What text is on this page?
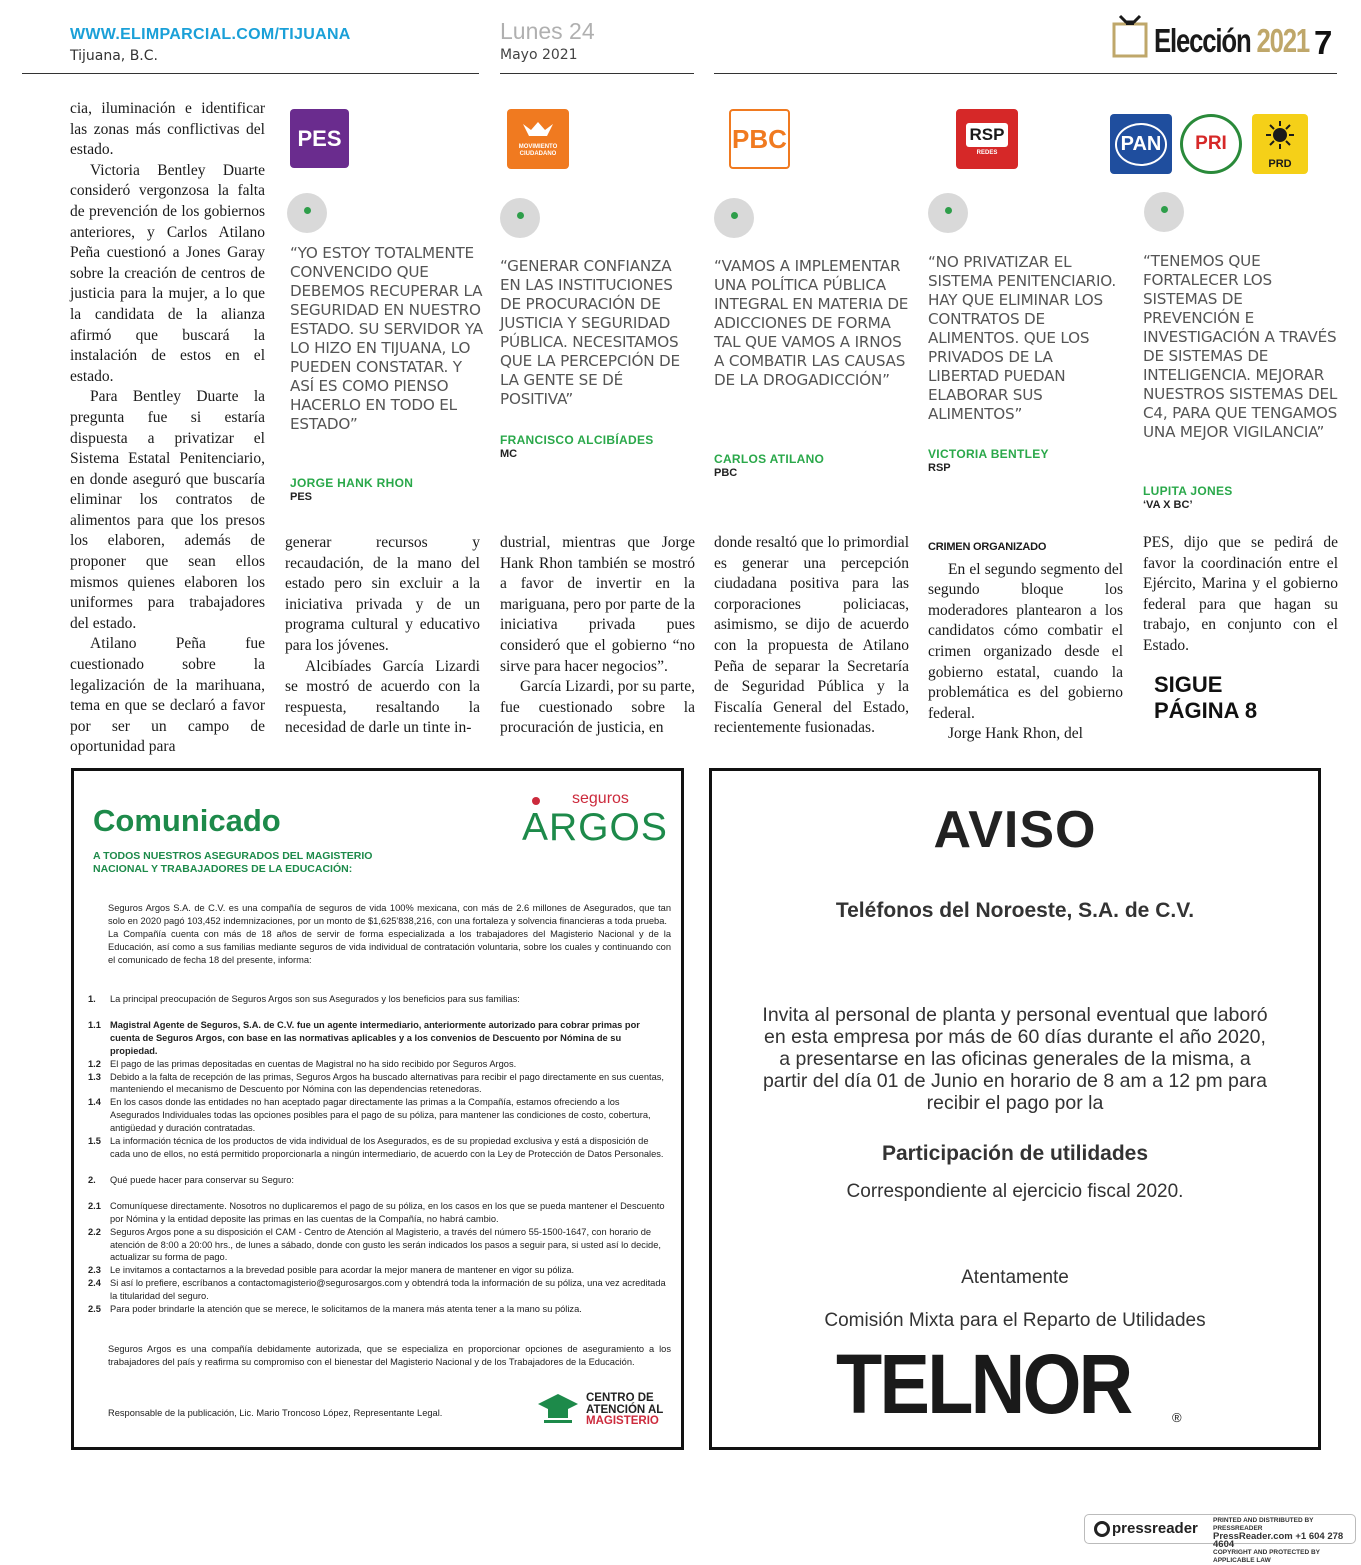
WWW.ELIMPARCIAL.COM/TIJUANA
Tijuana, B.C.
Lunes 24
Mayo 2021	Elección 2021 7

cia, iluminación e identificar las zonas más conflictivas del estado.

Victoria Bentley Duarte consideró vergonzosa la falta de prevención de los gobiernos anteriores, y Carlos Atilano Peña cuestionó a Jones Garay sobre la creación de centros de justicia para la mujer, a lo que la candidata de la alianza afirmó que buscará la instalación de estos en el estado.

Para Bentley Duarte la pregunta fue si estaría dispuesta a privatizar el Sistema Estatal Penitenciario, en donde aseguró que buscaría eliminar los contratos de alimentos para que los presos los elaboren, además de proponer que sean ellos mismos quienes elaboren los uniformes para trabajadores del estado.

Atilano Peña fue cuestionado sobre la legalización de la marihuana, tema en que se declaró a favor por ser un campo de oportunidad para

PES
“YO ESTOY TOTALMENTE CONVENCIDO QUE DEBEMOS RECUPERAR LA SEGURIDAD EN NUESTRO ESTADO. SU SERVIDOR YA LO HIZO EN TIJUANA, LO PUEDEN CONSTATAR. Y ASÍ ES COMO PIENSO HACERLO EN TODO EL ESTADO”
JORGE HANK RHON
PES
MOVIMIENTO CIUDADANO
“GENERAR CONFIANZA EN LAS INSTITUCIONES DE PROCURACIÓN DE JUSTICIA Y SEGURIDAD PÚBLICA. NECESITAMOS QUE LA PERCEPCIÓN DE LA GENTE SE DÉ POSITIVA”
FRANCISCO ALCIBÍADES
MC
PBC
“VAMOS A IMPLEMENTAR UNA POLÍTICA PÚBLICA INTEGRAL EN MATERIA DE ADICCIONES DE FORMA TAL QUE VAMOS A IRNOS A COMBATIR LAS CAUSAS DE LA DROGADICCIÓN”
CARLOS ATILANO
PBC
RSP
REDES
“NO PRIVATIZAR EL SISTEMA PENITENCIARIO. HAY QUE ELIMINAR LOS CONTRATOS DE ALIMENTOS. QUE LOS PRIVADOS DE LA LIBERTAD PUEDAN ELABORAR SUS ALIMENTOS”
VICTORIA BENTLEY
RSP
PAN	PRI
PRD
“TENEMOS QUE FORTALECER LOS SISTEMAS DE PREVENCIÓN E INVESTIGACIÓN A TRAVÉS DE SISTEMAS DE INTELIGENCIA. MEJORAR NUESTROS SISTEMAS DEL C4, PARA QUE TENGAMOS UNA MEJOR VIGILANCIA”
LUPITA JONES
‘VA X BC’

generar recursos y recaudación, de la mano del estado pero sin excluir a la iniciativa privada y de un programa cultural y educativo para los jóvenes.

Alcibíades García Lizardi se mostró de acuerdo con la respuesta, resaltando la necesidad de darle un tinte in-

dustrial, mientras que Jorge Hank Rhon también se mostró a favor de invertir en la mariguana, pero por parte de la iniciativa privada pues consideró que el gobierno “no sirve para hacer negocios”.

García Lizardi, por su parte, fue cuestionado sobre la procuración de justicia, en

donde resaltó que lo primordial es generar una percepción ciudadana positiva para las corporaciones policiacas, asimismo, se dijo de acuerdo con la propuesta de Atilano Peña de separar la Secretaría de Seguridad Pública y la Fiscalía General del Estado, recientemente fusionadas.

CRIMEN ORGANIZADO

En el segundo segmento del segundo bloque los moderadores plantearon a los candidatos cómo combatir el crimen organizado desde el gobierno estatal, cuando la problemática es del gobierno federal.

Jorge Hank Rhon, del

PES, dijo que se pedirá de favor la coordinación entre el Ejército, Marina y el gobierno federal para que hagan su trabajo, en conjunto con el Estado.

SIGUE PÁGINA 8
Comunicado
A TODOS NUESTROS ASEGURADOS DEL MAGISTERIO NACIONAL Y TRABAJADORES DE LA EDUCACIÓN:
seguros
ARGOS
Seguros Argos S.A. de C.V. es una compañía de seguros de vida 100% mexicana, con más de 2.6 millones de Asegurados, que tan solo en 2020 pagó 103,452 indemnizaciones, por un monto de $1,625'838,216, con una fortaleza y solvencia financieras a toda prueba.
La Compañía cuenta con más de 18 años de servir de forma especializada a los trabajadores del Magisterio Nacional y de la Educación, así como a sus familias mediante seguros de vida individual de contratación voluntaria, sobre los cuales y continuando con el comunicado de fecha 18 del presente, informa:
1.	La principal preocupación de Seguros Argos son sus Asegurados y los beneficios para sus familias:
1.1 Magistral Agente de Seguros, S.A. de C.V. fue un agente intermediario, anteriormente autorizado para cobrar primas por cuenta de Seguros Argos, con base en las normativas aplicables y a los convenios de Descuento por Nómina de su propiedad.
1.2 El pago de las primas depositadas en cuentas de Magistral no ha sido recibido por Seguros Argos.
1.3 Debido a la falta de recepción de las primas, Seguros Argos ha buscado alternativas para recibir el pago directamente en sus cuentas, manteniendo el mecanismo de Descuento por Nómina con las dependencias retenedoras.
1.4 En los casos donde las entidades no han aceptado pagar directamente las primas a la Compañía, estamos ofreciendo a los Asegurados Individuales todas las opciones posibles para el pago de su póliza, para mantener las condiciones de costo, cobertura, antigüedad y duración contratadas.
1.5 La información técnica de los productos de vida individual de los Asegurados, es de su propiedad exclusiva y está a disposición de cada uno de ellos, no está permitido proporcionarla a ningún intermediario, de acuerdo con la Ley de Protección de Datos Personales.
2.	Qué puede hacer para conservar su Seguro:
2.1 Comuníquese directamente. Nosotros no duplicaremos el pago de su póliza, en los casos en los que se pueda mantener el Descuento por Nómina y la entidad deposite las primas en las cuentas de la Compañía, no habrá cambio.
2.2 Seguros Argos pone a su disposición el CAM - Centro de Atención al Magisterio, a través del número 55-1500-1647, con horario de atención de 8:00 a 20:00 hrs., de lunes a sábado, donde con gusto les serán indicados los pasos a seguir para, si usted así lo decide, actualizar su forma de pago.
2.3 Le invitamos a contactarnos a la brevedad posible para acordar la mejor manera de mantener en vigor su póliza.
2.4 Si así lo prefiere, escríbanos a contactomagisterio@segurosargos.com y obtendrá toda la información de su póliza, una vez acreditada la titularidad del seguro.
2.5 Para poder brindarle la atención que se merece, le solicitamos de la manera más atenta tener a la mano su póliza.
Seguros Argos es una compañía debidamente autorizada, que se especializa en proporcionar opciones de aseguramiento a los trabajadores del país y reafirma su compromiso con el bienestar del Magisterio Nacional y de los Trabajadores de la Educación.
Responsable de la publicación, Lic. Mario Troncoso López, Representante Legal.
CENTRO DE
ATENCIÓN AL
MAGISTERIO
AVISO
Teléfonos del Noroeste, S.A. de C.V.
Invita al personal de planta y personal eventual que laboró en esta empresa por más de 60 días durante el año 2020, a presentarse en las oficinas generales de la misma, a partir del día 01 de Junio en horario de 8 am a 12 pm para recibir el pago por la
Participación de utilidades
Correspondiente al ejercicio fiscal 2020.
Atentamente
Comisión Mixta para el Reparto de Utilidades
TELNOR	®
pressreader PRINTED AND DISTRIBUTED BY PRESSREADER
PressReader.com +1 604 278 4604
COPYRIGHT AND PROTECTED BY APPLICABLE LAW
